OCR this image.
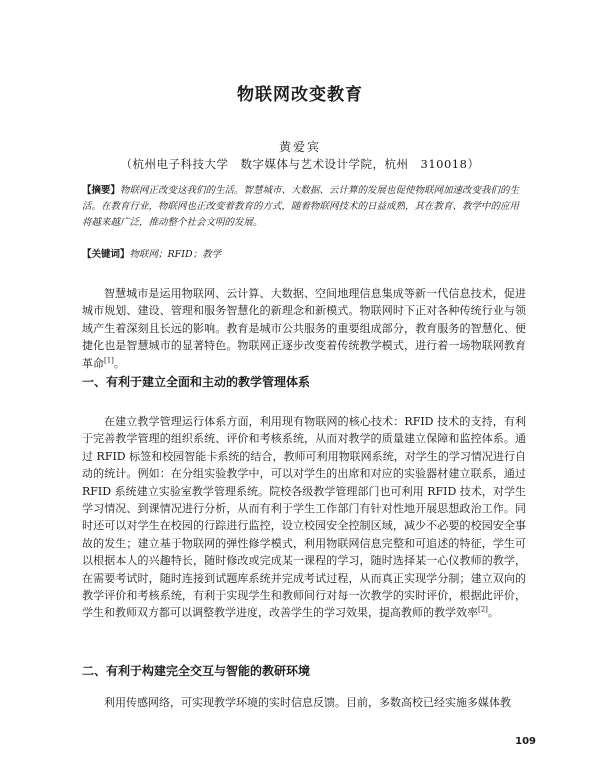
物联网改变教育
黄爱宾
（杭州电子科技大学　数字媒体与艺术设计学院，杭州　310018）
【摘要】物联网正改变这我们的生活。智慧城市、大数据、云计算的发展也促使物联网加速改变我们的生活。在教育行业，物联网也正改变着教育的方式，随着物联网技术的日益成熟，其在教育、教学中的应用将越来越广泛，推动整个社会文明的发展。
【关键词】物联网；RFID；教学

智慧城市是运用物联网、云计算、大数据、空间地理信息集成等新一代信息技术，促进城市规划、建设、管理和服务智慧化的新理念和新模式。物联网时下正对各种传统行业与领域产生着深刻且长远的影响。教育是城市公共服务的重要组成部分，教育服务的智慧化、便捷化也是智慧城市的显著特色。物联网正逐步改变着传统教学模式，进行着一场物联网教育革命[1]。

一、有利于建立全面和主动的教学管理体系

在建立教学管理运行体系方面，利用现有物联网的核心技术：RFID 技术的支持，有利于完善教学管理的组织系统、评价和考核系统，从而对教学的质量建立保障和监控体系。通过 RFID 标签和校园智能卡系统的结合，教师可利用物联网系统，对学生的学习情况进行自动的统计。例如：在分组实验教学中，可以对学生的出席和对应的实验器材建立联系，通过 RFID 系统建立实验室教学管理系统。院校各级教学管理部门也可利用 RFID 技术，对学生学习情况、到课情况进行分析，从而有利于学生工作部门有针对性地开展思想政治工作。同时还可以对学生在校园的行踪进行监控，设立校园安全控制区域，减少不必要的校园安全事故的发生；建立基于物联网的弹性修学模式，利用物联网信息完整和可追述的特征，学生可以根据本人的兴趣特长，随时修改或完成某一课程的学习，随时选择某一心仪教师的教学，在需要考试时，随时连接到试题库系统并完成考试过程，从而真正实现学分制；建立双向的教学评价和考核系统，有利于实现学生和教师间行对每一次教学的实时评价，根据此评价，学生和教师双方都可以调整教学进度，改善学生的学习效果，提高教师的教学效率[2]。

二、有利于构建完全交互与智能的教研环境

利用传感网络，可实现教学环境的实时信息反馈。目前，多数高校已经实施多媒体教

109
